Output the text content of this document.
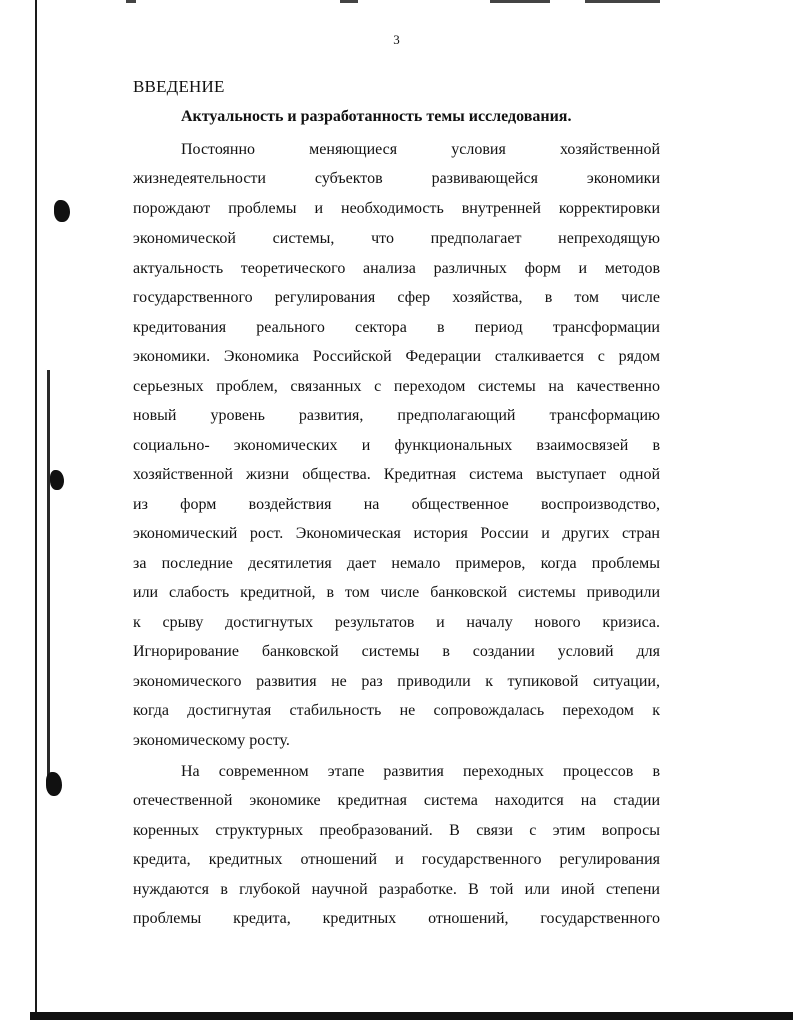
3
ВВЕДЕНИЕ
Актуальность и разработанность темы исследования.
Постоянно меняющиеся условия хозяйственной
жизнедеятельности субъектов развивающейся экономики
порождают проблемы и необходимость внутренней корректировки
экономической системы, что предполагает непреходящую
актуальность теоретического анализа различных форм и методов
государственного регулирования сфер хозяйства, в том числе
кредитования реального сектора в период трансформации
экономики. Экономика Российской Федерации сталкивается с рядом
серьезных проблем, связанных с переходом системы на качественно
новый уровень развития, предполагающий трансформацию
социально- экономических и функциональных взаимосвязей в
хозяйственной жизни общества. Кредитная система выступает одной
из форм воздействия на общественное воспроизводство,
экономический рост. Экономическая история России и других стран
за последние десятилетия дает немало примеров, когда проблемы
или слабость кредитной, в том числе банковской системы приводили
к срыву достигнутых результатов и началу нового кризиса.
Игнорирование банковской системы в создании условий для
экономического развития не раз приводили к тупиковой ситуации,
когда достигнутая стабильность не сопровождалась переходом к
экономическому росту.
На современном этапе развития переходных процессов в
отечественной экономике кредитная система находится на стадии
коренных структурных преобразований. В связи с этим вопросы
кредита, кредитных отношений и государственного регулирования
нуждаются в глубокой научной разработке. В той или иной степени
проблемы кредита, кредитных отношений, государственного
